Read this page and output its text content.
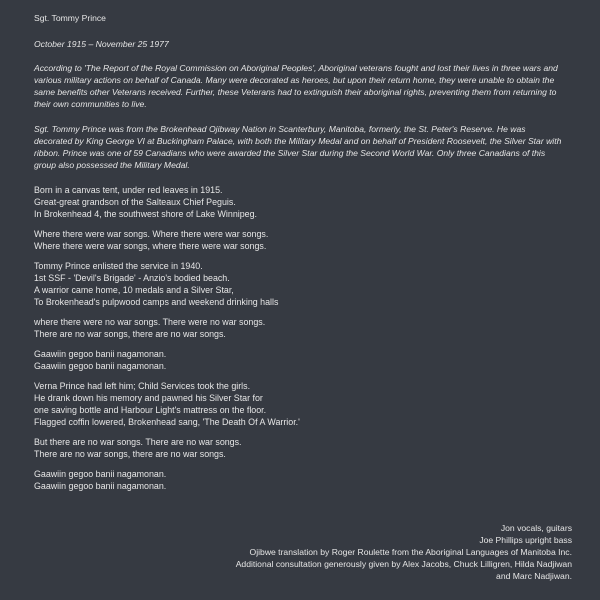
Sgt. Tommy Prince
October 1915 – November 25 1977
According to 'The Report of the Royal Commission on Aboriginal Peoples', Aboriginal veterans fought and lost their lives in three wars and various military actions on behalf of Canada. Many were decorated as heroes, but upon their return home, they were unable to obtain the same benefits other Veterans received. Further, these Veterans had to extinguish their aboriginal rights, preventing them from returning to their own communities to live.
Sgt. Tommy Prince was from the Brokenhead Ojibway Nation in Scanterbury, Manitoba, formerly, the St. Peter's Reserve. He was decorated by King George VI at Buckingham Palace, with both the Military Medal and on behalf of President Roosevelt, the Silver Star with ribbon. Prince was one of 59 Canadians who were awarded the Silver Star during the Second World War. Only three Canadians of this group also possessed the Military Medal.
Born in a canvas tent, under red leaves in 1915.
Great-great grandson of the Salteaux Chief Peguis.
In Brokenhead 4, the southwest shore of Lake Winnipeg.
Where there were war songs. Where there were war songs.
Where there were war songs, where there were war songs.
Tommy Prince enlisted the service in 1940.
1st SSF - 'Devil's Brigade' - Anzio's bodied beach.
A warrior came home, 10 medals and a Silver Star,
To Brokenhead's pulpwood camps and weekend drinking halls
where there were no war songs. There were no war songs.
There are no war songs, there are no war songs.
Gaawiin gegoo banii nagamonan.
Gaawiin gegoo banii nagamonan.
Verna Prince had left him; Child Services took the girls.
He drank down his memory and pawned his Silver Star for
one saving bottle and Harbour Light's mattress on the floor.
Flagged coffin lowered, Brokenhead sang, 'The Death Of A Warrior.'
But there are no war songs. There are no war songs.
There are no war songs, there are no war songs.
Gaawiin gegoo banii nagamonan.
Gaawiin gegoo banii nagamonan.
Jon vocals, guitars
Joe Phillips upright bass
Ojibwe translation by Roger Roulette from the Aboriginal Languages of Manitoba Inc.
Additional consultation generously given by Alex Jacobs, Chuck Lilligren, Hilda Nadjiwan
and Marc Nadjiwan.
